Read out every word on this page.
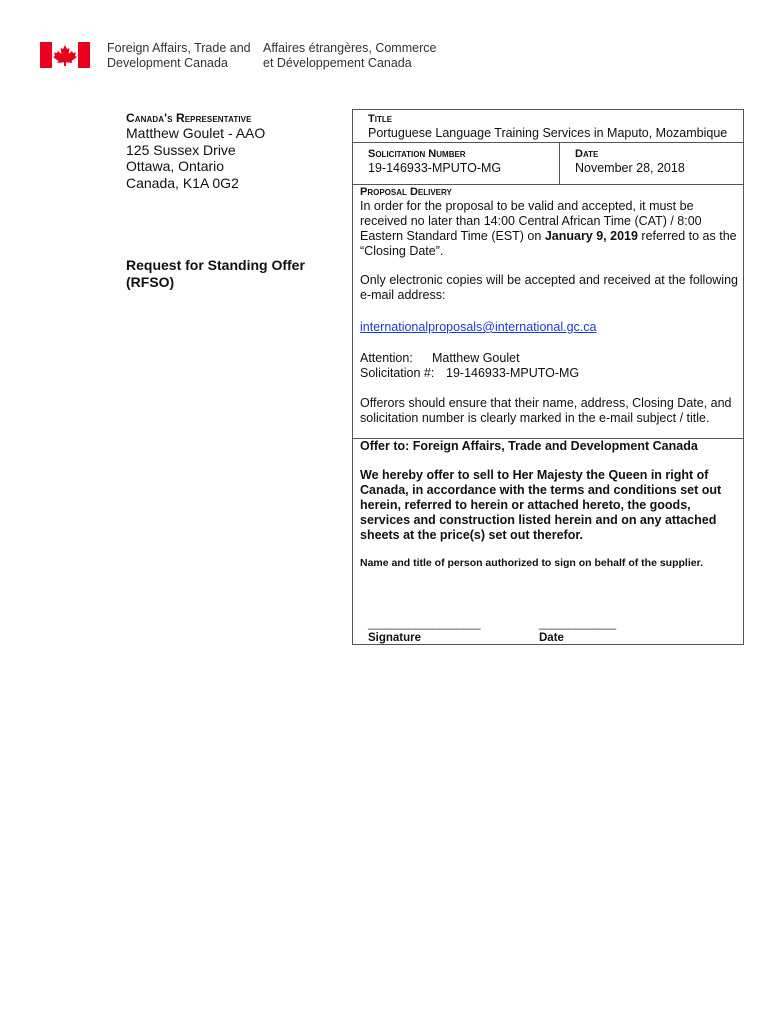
Foreign Affairs, Trade and
Development Canada
Affaires étrangères, Commerce
et Développement Canada
Canada's Representative
Matthew Goulet - AAO
125 Sussex Drive
Ottawa, Ontario
Canada, K1A 0G2
Request for Standing Offer
(RFSO)
Title
Portuguese Language Training Services in Maputo, Mozambique
Solicitation Number
19-146933-MPUTO-MG
Date
November 28, 2018
Proposal Delivery
In order for the proposal to be valid and accepted, it must be received no later than 14:00 Central African Time (CAT) / 8:00 Eastern Standard Time (EST) on January 9, 2019 referred to as the “Closing Date”.
Only electronic copies will be accepted and received at the following e-mail address:
internationalproposals@international.gc.ca
Attention: Matthew Goulet
Solicitation #: 19-146933-MPUTO-MG
Offerors should ensure that their name, address, Closing Date, and solicitation number is clearly marked in the e-mail subject / title.
Offer to: Foreign Affairs, Trade and Development Canada
We hereby offer to sell to Her Majesty the Queen in right of Canada, in accordance with the terms and conditions set out herein, referred to herein or attached hereto, the goods, services and construction listed herein and on any attached sheets at the price(s) set out therefor.
Name and title of person authorized to sign on behalf of the supplier.
___________________	_____________
Signature	Date
